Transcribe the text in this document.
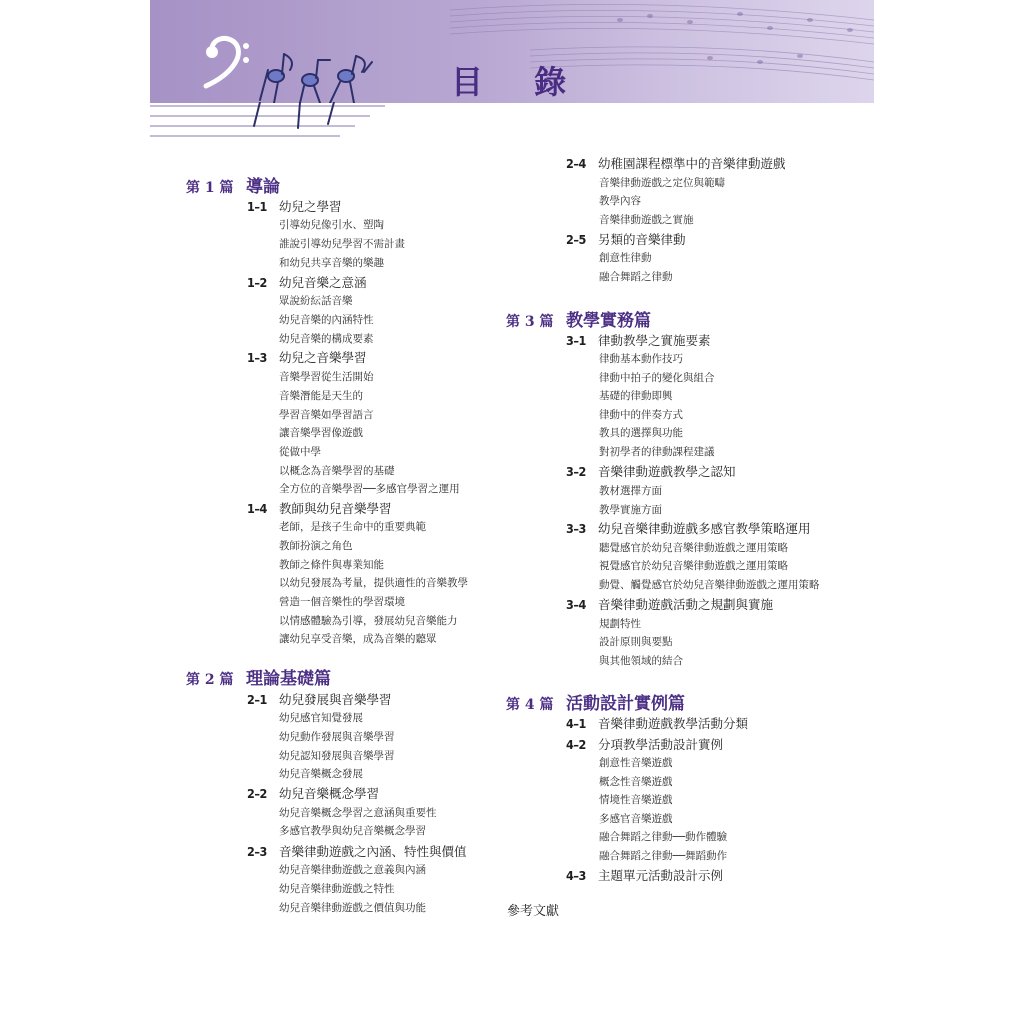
目 錄
第 1 篇 導論
1–1 幼兒之學習
引導幼兒像引水、塑陶
誰說引導幼兒學習不需計畫
和幼兒共享音樂的樂趣
1–2 幼兒音樂之意涵
眾說紛紜話音樂
幼兒音樂的內涵特性
幼兒音樂的構成要素
1–3 幼兒之音樂學習
音樂學習從生活開始
音樂潛能是天生的
學習音樂如學習語言
讓音樂學習像遊戲
從做中學
以概念為音樂學習的基礎
全方位的音樂學習──多感官學習之運用
1–4 教師與幼兒音樂學習
老師，是孩子生命中的重要典範
教師扮演之角色
教師之條件與專業知能
以幼兒發展為考量，提供適性的音樂教學
營造一個音樂性的學習環境
以情感體驗為引導，發展幼兒音樂能力
讓幼兒享受音樂，成為音樂的聽眾
第 2 篇 理論基礎篇
2–1 幼兒發展與音樂學習
幼兒感官知覺發展
幼兒動作發展與音樂學習
幼兒認知發展與音樂學習
幼兒音樂概念發展
2–2 幼兒音樂概念學習
幼兒音樂概念學習之意涵與重要性
多感官教學與幼兒音樂概念學習
2–3 音樂律動遊戲之內涵、特性與價值
幼兒音樂律動遊戲之意義與內涵
幼兒音樂律動遊戲之特性
幼兒音樂律動遊戲之價值與功能
2–4 幼稚園課程標準中的音樂律動遊戲
音樂律動遊戲之定位與範疇
教學內容
音樂律動遊戲之實施
2–5 另類的音樂律動
創意性律動
融合舞蹈之律動
第 3 篇 教學實務篇
3–1 律動教學之實施要素
律動基本動作技巧
律動中拍子的變化與組合
基礎的律動即興
律動中的伴奏方式
教具的選擇與功能
對初學者的律動課程建議
3–2 音樂律動遊戲教學之認知
教材選擇方面
教學實施方面
3–3 幼兒音樂律動遊戲多感官教學策略運用
聽覺感官於幼兒音樂律動遊戲之運用策略
視覺感官於幼兒音樂律動遊戲之運用策略
動覺、觸覺感官於幼兒音樂律動遊戲之運用策略
3–4 音樂律動遊戲活動之規劃與實施
規劃特性
設計原則與要點
與其他領域的結合
第 4 篇 活動設計實例篇
4–1 音樂律動遊戲教學活動分類
4–2 分項教學活動設計實例
創意性音樂遊戲
概念性音樂遊戲
情境性音樂遊戲
多感官音樂遊戲
融合舞蹈之律動──動作體驗
融合舞蹈之律動──舞蹈動作
4–3 主題單元活動設計示例
參考文獻
